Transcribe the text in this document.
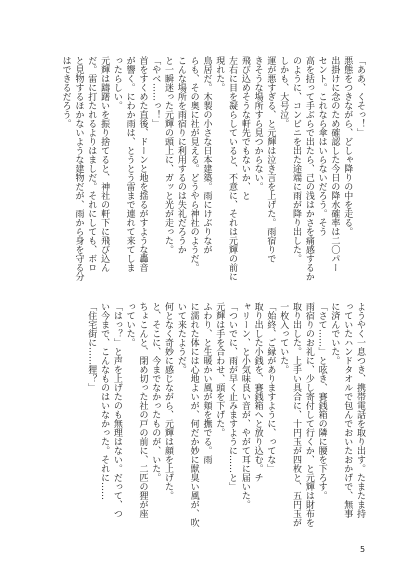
「ああ、くそっ！」
悪態をつきながら、どしゃ降りの中を走る。
出掛けに念のため確認した今日の降水確率は二〇パー
セント。これなら傘はいらないだろう。そう
高を括って手ぶらで出たら、己の浅はかさを痛感するか
のように、コンビニを出た途端に雨が降り出した。
しかも、大号泣。
運が悪すぎる、と元輝は泣き言を上げた。雨宿りで
きそうな場所すら見つからない。
飛び込めそうな軒先でもないか、と
左右に目を凝らしていると、不意に、それは元輝の前に
現れた。
鳥居だ。木製の小さな日本建築。雨にけぶりなが
らも、その奥に社が見える。どうやら神社のようだ。
こんな場所を雨宿りに利用するのは失礼だろうか
と一瞬迷った元輝の頭上に、ガッと光が走った。
「やべ……っ！」
首をすくめた直後、ドーンと地を揺るがすような轟音
が響く。にわか雨は、とうとう雷まで連れて来てしま
ったらしい。
元輝は躊躇いを振り捨てると、神社の軒下に飛び込ん
だ。雷に打たれるよりはましだ。それにしても、ボロ
と見物するほかないような建物だが、雨から身を守る分
はできるだろう。
ようやく一息つき、携帯電話を取り出す。たまたま持
っていたハンドタオルで包んでおいたおかげで、無事
に済んでいた。
「さて……」と呟き、賽銭箱の隣に腰を下ろす。
雨宿りのお礼に、少し寄付して行くか、と元輝は財布を
取り出した。上手い具合に、十円玉が四枚と、五円玉が
一枚入っていた。
「始終、ご縁がありますように、ってな」
取り出した小銭を、賽銭箱へと放り込む。チ
ャリーン、と小気味良い音が、やがて耳に届いた。
「ついでに、雨が早く止みますように……と」
元輝は手を合わせ、頭を下げた。
ふわり、と生暖かい風が頬を撫でる。雨
に濡れた体には心地よいが、何だか妙に獣臭い風が、吹
いて来たようだ。
何となく奇妙に感じながら、元輝は顔を上げた。
と、そこに、今までなかったものが、いた。
ちょこんと、閉め切った社の戸の前に、二匹の狸が座
っていた。
「はっ？」と声を上げたのも無理はない。だって、つ
い今まで、こんなものはいなかった。それに……
「住宅街に……狸？」
5
